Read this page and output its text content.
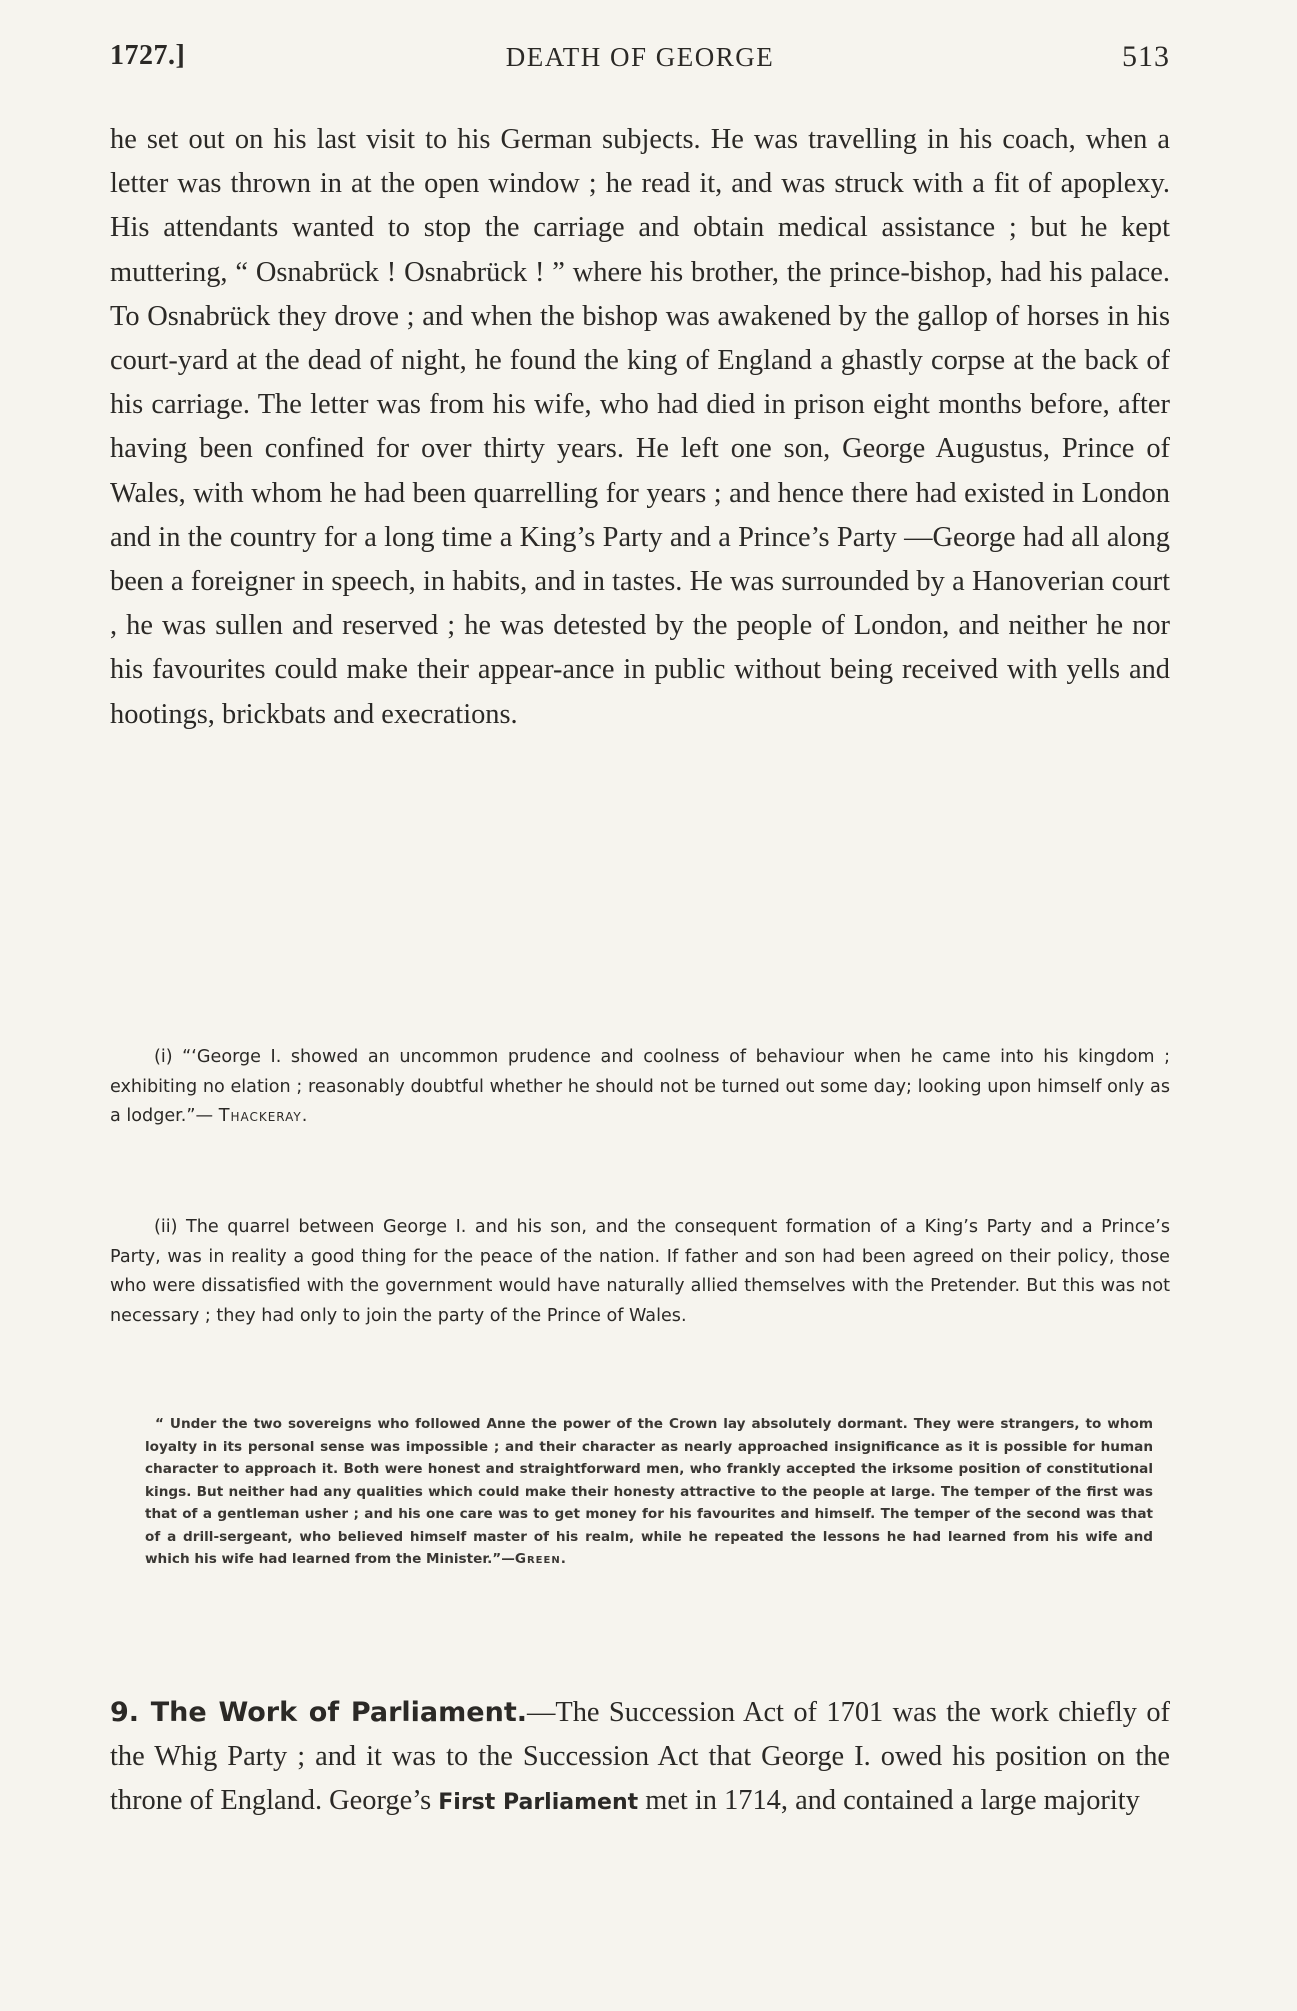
1727.]	DEATH OF GEORGE	513

he set out on his last visit to his German subjects. He was travelling in his coach, when a letter was thrown in at the open window ; he read it, and was struck with a fit of apoplexy. His attendants wanted to stop the carriage and obtain medical assistance ; but he kept muttering, “ Osnabrück ! Osnabrück ! ” where his brother, the prince-bishop, had his palace. To Osnabrück they drove ; and when the bishop was awakened by the gallop of horses in his court-yard at the dead of night, he found the king of England a ghastly corpse at the back of his carriage. The letter was from his wife, who had died in prison eight months before, after having been confined for over thirty years. He left one son, George Augustus, Prince of Wales, with whom he had been quarrelling for years ; and hence there had existed in London and in the country for a long time a King’s Party and a Prince’s Party —George had all along been a foreigner in speech, in habits, and in tastes. He was surrounded by a Hanoverian court , he was sullen and reserved ; he was detested by the people of London, and neither he nor his favourites could make their appear-ance in public without being received with yells and hootings, brickbats and execrations.

(i) “‘George I. showed an uncommon prudence and coolness of behaviour when he came into his kingdom ; exhibiting no elation ; reasonably doubtful whether he should not be turned out some day; looking upon himself only as a lodger.”— Thackeray.

(ii) The quarrel between George I. and his son, and the consequent formation of a King’s Party and a Prince’s Party, was in reality a good thing for the peace of the nation. If father and son had been agreed on their policy, those who were dissatisfied with the government would have naturally allied themselves with the Pretender. But this was not necessary ; they had only to join the party of the Prince of Wales.

“ Under the two sovereigns who followed Anne the power of the Crown lay absolutely dormant. They were strangers, to whom loyalty in its personal sense was impossible ; and their character as nearly approached insignificance as it is possible for human character to approach it. Both were honest and straightforward men, who frankly accepted the irksome position of constitutional kings. But neither had any qualities which could make their honesty attractive to the people at large. The temper of the first was that of a gentleman usher ; and his one care was to get money for his favourites and himself. The temper of the second was that of a drill-sergeant, who believed himself master of his realm, while he repeated the lessons he had learned from his wife and which his wife had learned from the Minister.”—Green.

9. The Work of Parliament.—The Succession Act of 1701 was the work chiefly of the Whig Party ; and it was to the Succession Act that George I. owed his position on the throne of England. George’s First Parliament met in 1714, and contained a large majority
